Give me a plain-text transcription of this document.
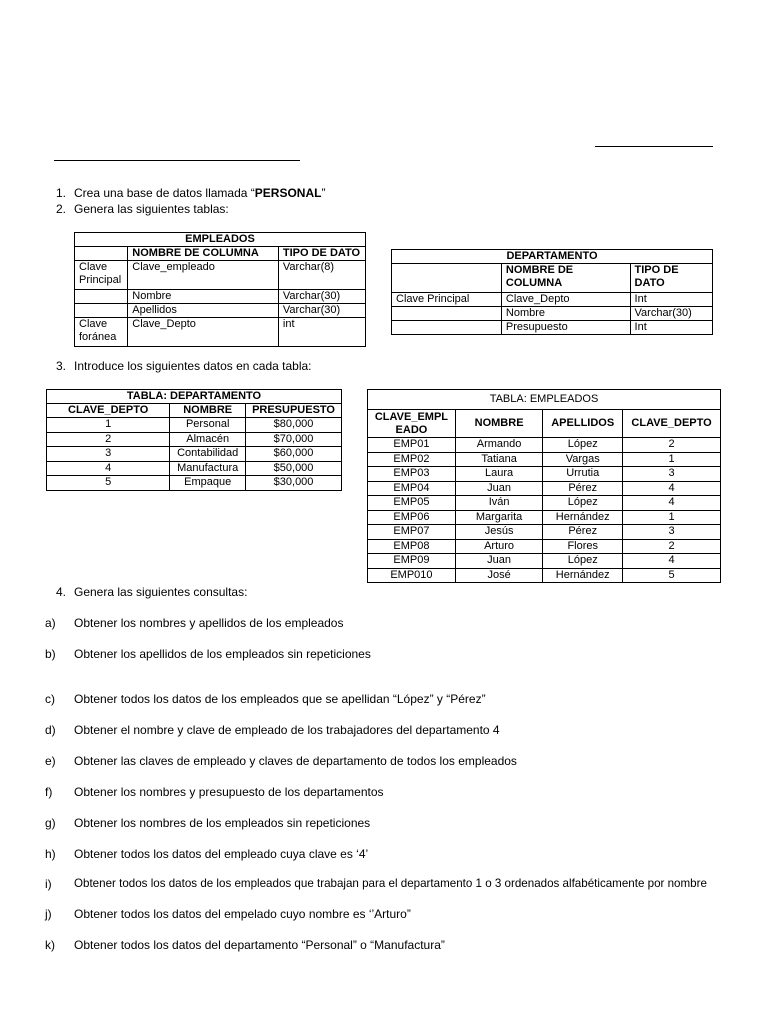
1. Crea una base de datos llamada “PERSONAL”
2. Genera las siguientes tablas:
EMPLEADOS		
	NOMBRE DE COLUMNA	TIPO DE DATO
Clave Principal	Clave_empleado	Varchar(8)
	Nombre	Varchar(30)
	Apellidos	Varchar(30)
Clave foránea	Clave_Depto	int
DEPARTAMENTO		
	NOMBRE DE COLUMNA	TIPO DE DATO
Clave Principal	Clave_Depto	Int
	Nombre	Varchar(30)
	Presupuesto	Int
3. Introduce los siguientes datos en cada tabla:
TABLA: DEPARTAMENTO		
CLAVE_DEPTO	NOMBRE	PRESUPUESTO
1	Personal	$80,000
2	Almacén	$70,000
3	Contabilidad	$60,000
4	Manufactura	$50,000
5	Empaque	$30,000
TABLA: EMPLEADOS			
CLAVE_EMPL EADO	NOMBRE	APELLIDOS	CLAVE_DEPTO
EMP01	Armando	López	2
EMP02	Tatiana	Vargas	1
EMP03	Laura	Urrutia	3
EMP04	Juan	Pérez	4
EMP05	Iván	López	4
EMP06	Margarita	Hernández	1
EMP07	Jesús	Pérez	3
EMP08	Arturo	Flores	2
EMP09	Juan	López	4
EMP010	José	Hernández	5
4. Genera las siguientes consultas:
a) Obtener los nombres y apellidos de los empleados
b) Obtener los apellidos de los empleados sin repeticiones
c) Obtener todos los datos de los empleados que se apellidan “López” y “Pérez”
d) Obtener el nombre y clave de empleado de los trabajadores del departamento 4
e) Obtener las claves de empleado y claves de departamento de todos los empleados
f) Obtener los nombres y presupuesto de los departamentos
g) Obtener los nombres de los empleados sin repeticiones
h) Obtener todos los datos del empleado cuya clave es ‘4’
i) Obtener todos los datos de los empleados que trabajan para el departamento 1 o 3 ordenados alfabéticamente por nombre
j) Obtener todos los datos del empelado cuyo nombre es ‘’Arturo”
k) Obtener todos los datos del departamento “Personal” o “Manufactura”
